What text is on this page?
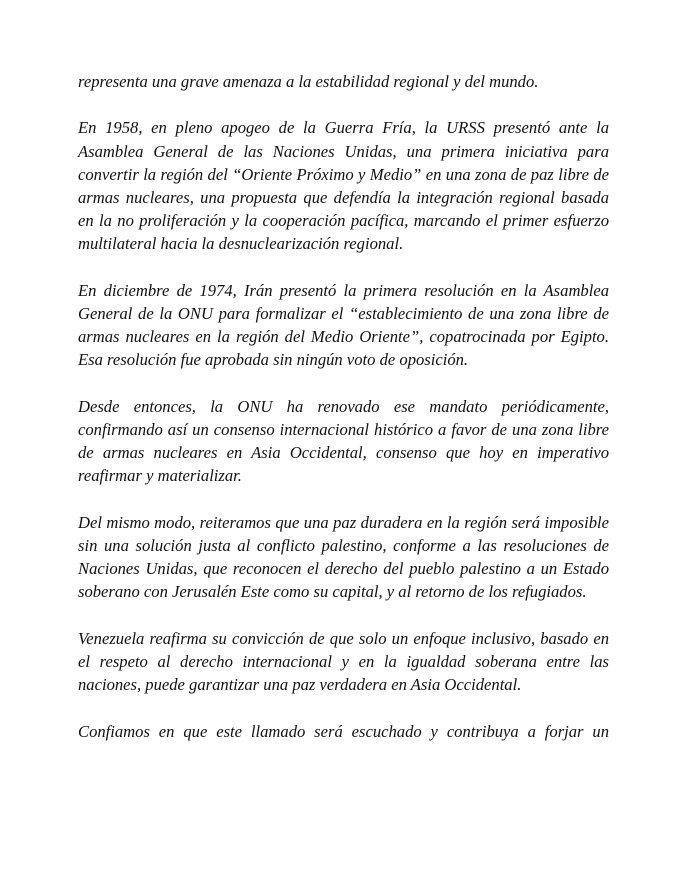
representa una grave amenaza a la estabilidad regional y del mundo.

En 1958, en pleno apogeo de la Guerra Fría, la URSS presentó ante la Asamblea General de las Naciones Unidas, una primera iniciativa para convertir la región del “Oriente Próximo y Medio” en una zona de paz libre de armas nucleares, una propuesta que defendía la integración regional basada en la no proliferación y la cooperación pacífica, marcando el primer esfuerzo multilateral hacia la desnuclearización regional.

En diciembre de 1974, Irán presentó la primera resolución en la Asamblea General de la ONU para formalizar el “establecimiento de una zona libre de armas nucleares en la región del Medio Oriente”, copatrocinada por Egipto. Esa resolución fue aprobada sin ningún voto de oposición.

Desde entonces, la ONU ha renovado ese mandato periódicamente, confirmando así un consenso internacional histórico a favor de una zona libre de armas nucleares en Asia Occidental, consenso que hoy en imperativo reafirmar y materializar.

Del mismo modo, reiteramos que una paz duradera en la región será imposible sin una solución justa al conflicto palestino, conforme a las resoluciones de Naciones Unidas, que reconocen el derecho del pueblo palestino a un Estado soberano con Jerusalén Este como su capital, y al retorno de los refugiados.

Venezuela reafirma su convicción de que solo un enfoque inclusivo, basado en el respeto al derecho internacional y en la igualdad soberana entre las naciones, puede garantizar una paz verdadera en Asia Occidental.

Confiamos en que este llamado será escuchado y contribuya a forjar un
